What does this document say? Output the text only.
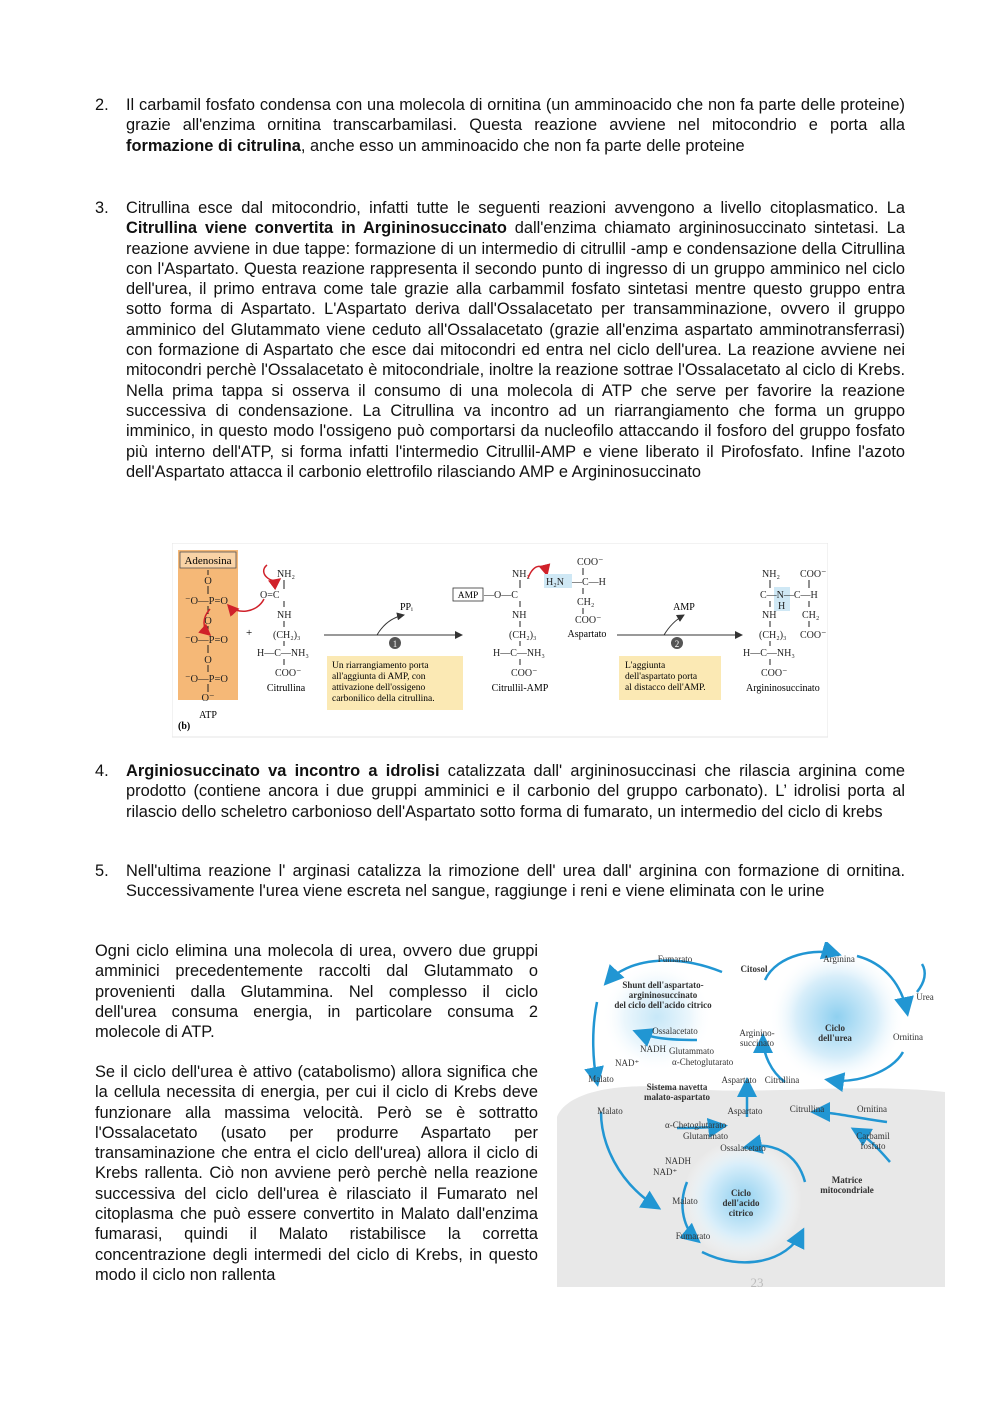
2.	Il carbamil fosfato condensa con una molecola di ornitina (un amminoacido che non fa parte delle proteine) grazie all'enzima ornitina transcarbamilasi. Questa reazione avviene nel mitocondrio e porta alla formazione di citrulina, anche esso un amminoacido che non fa parte delle proteine
3.	Citrullina esce dal mitocondrio, infatti tutte le seguenti reazioni avvengono a livello citoplasmatico. La Citrullina viene convertita in Argininosuccinato dall'enzima chiamato argininosuccinato sintetasi. La reazione avviene in due tappe: formazione di un intermedio di citrullil -amp e condensazione della Citrullina con l'Aspartato. Questa reazione rappresenta il secondo punto di ingresso di un gruppo amminico nel ciclo dell'urea, il primo entrava come tale grazie alla carbammil fosfato sintetasi mentre questo gruppo entra sotto forma di Aspartato. L'Aspartato deriva dall'Ossalacetato per transamminazione, ovvero il gruppo amminico del Glutammato viene ceduto all'Ossalacetato (grazie all'enzima aspartato amminotransferrasi) con formazione di Aspartato che esce dai mitocondri ed entra nel ciclo dell'urea. La reazione avviene nei mitocondri perchè l'Ossalacetato è mitocondriale, inoltre la reazione sottrae l'Ossalacetato al ciclo di Krebs. Nella prima tappa si osserva il consumo di una molecola di ATP che serve per favorire la reazione successiva di condensazione. La Citrullina va incontro ad un riarrangiamento che forma un gruppo imminico, in questo modo l'ossigeno può comportarsi da nucleofilo attaccando il fosforo del gruppo fosfato più interno dell'ATP, si forma infatti l'intermedio Citrullil-AMP e viene liberato il Pirofosfato. Infine l'azoto dell'Aspartato attacca il carbonio elettrofilo rilasciando AMP e Argininosuccinato
Adenosina
O
⁻O—P=O
O
⁻O—P=O
O
⁻O—P=O
O⁻
ATP
(b)
+
NH₂
O=C
NH
(CH₂)₃
H—C—NH₃
COO⁻
Citrullina
PPᵢ
1
Un riarrangiamento porta
all'aggiunta di AMP, con
attivazione dell'ossigeno
carbonilico della citrullina.
AMP —O—C
NH₂
NH
(CH₂)₃
H—C—NH₃
COO⁻
Citrullil-AMP
H₂N —C—H
COO⁻
CH₂
COO⁻
Aspartato
AMP
2
L'aggiunta
dell'aspartato porta
al distacco dell'AMP.
NH₂ COO⁻
C—N—C—H
H
NH	CH₂
(CH₂)₃ COO⁻
H—C—NH₃
COO⁻
Argininosuccinato
4.	Arginiosuccinato va incontro a idrolisi catalizzata dall' argininosuccinasi che rilascia arginina come prodotto (contiene ancora i due gruppi amminici e il carbonio del gruppo carbonato). L’ idrolisi porta al rilascio dello scheletro carbonioso dell'Aspartato sotto forma di fumarato, un intermedio del ciclo di krebs
5.	Nell'ultima reazione l' arginasi catalizza la rimozione dell' urea dall' arginina con formazione di ornitina. Successivamente l'urea viene escreta nel sangue, raggiunge i reni e viene eliminata con le urine
Ogni ciclo elimina una molecola di urea, ovvero due gruppi amminici precedentemente raccolti dal Glutammato o provenienti dalla Glutammina. Nel complesso il ciclo dell'urea consuma energia, in particolare consuma 2 molecole di ATP.
Se il ciclo dell'urea è attivo (catabolismo) allora significa che la cellula necessita di energia, per cui il ciclo di Krebs deve funzionare alla massima velocità. Però se è sottratto l'Ossalacetato (usato per produrre Aspartato per transaminazione che entra el ciclo dell'urea) allora il ciclo di Krebs rallenta. Ciò non avviene però perchè nella reazione successiva del ciclo dell'urea è rilasciato il Fumarato nel citoplasma che può essere convertito in Malato dall'enzima fumarasi, quindi il Malato ristabilisce la corretta concentrazione degli intermedi del ciclo di Krebs, in questo modo il ciclo non rallenta
Fumarato
Citosol
Arginina
Urea
Ornitina
Shunt dell'aspartato-
argininosuccinato
del ciclo dell'acido citrico
Ciclo
dell'urea
Ossalacetato	Arginino-
succinato
NADH
NAD⁺
Glutammato
α-Chetoglutarato
Malato
Sistema navetta
malato-aspartato
Aspartato Citrullina
Malato	Aspartato	Citrullina	Ornitina
α-Chetoglutarato
Glutammato
Ossalacetato
Carbamil
fosfato
NADH
NAD⁺
Matrice
mitocondriale
Ciclo
dell'acido
citrico
Malato
Fumarato
23
